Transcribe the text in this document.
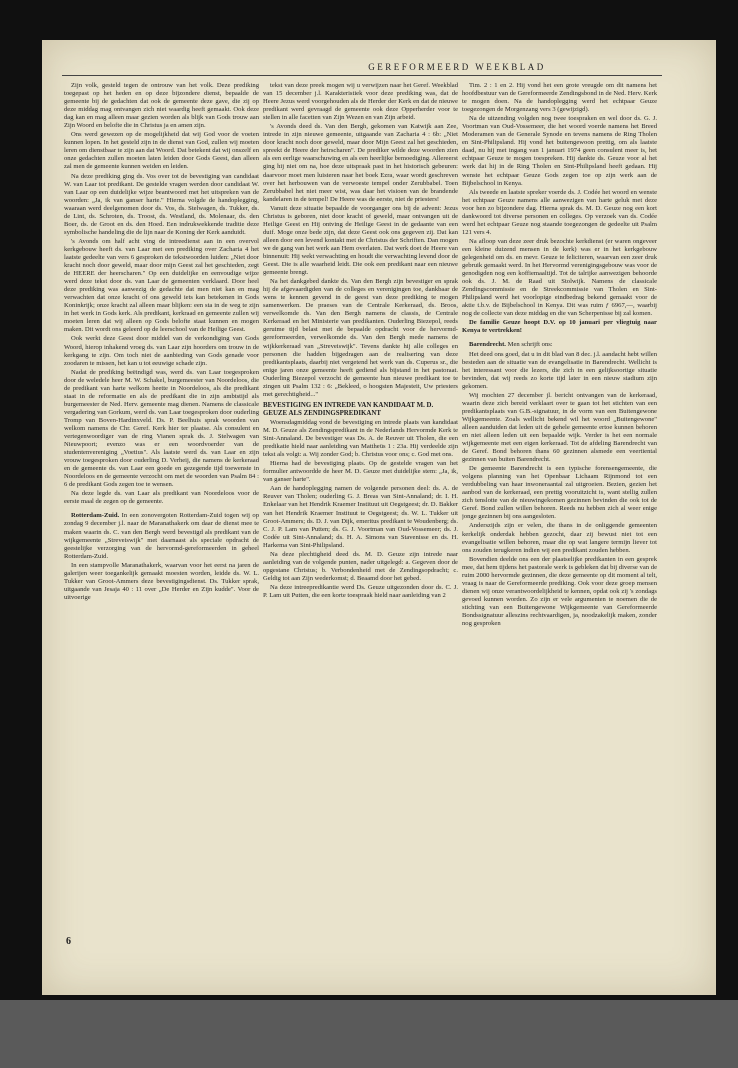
GEREFORMEERD WEEKBLAD

Zijn volk, gesteld tegen de ontrouw van het volk. Deze prediking toegepast op het heden en op deze bijzondere dienst, bepaalde de gemeente bij de gedachten dat ook de gemeente deze gave, die zij op deze middag mag ontvangen zich niet waardig heeft gemaakt. Ook deze dag kan en mag alleen maar gezien worden als blijk van Gods trouw aan Zijn Woord en belofte die in Christus ja en amen zijn.

Ons werd gewezen op de mogelijkheid dat wij God voor de voeten kunnen lopen. In het gesteld zijn in de dienst van God, zullen wij moeten leren om dienstbaar te zijn aan dat Woord. Dat betekent dat wij onszelf en onze gedachten zullen moeten laten leiden door Gods Geest, dan alleen zal men de gemeente kunnen weiden en leiden.

Na deze prediking ging ds. Vos over tot de bevestiging van candidaat W. van Laar tot predikant. De gestelde vragen werden door candidaat W. van Laar op een duidelijke wijze beantwoord met het uitspreken van de woorden: „Ja, ik van ganser harte." Hierna volgde de handoplegging, waaraan werd deelgenomen door ds. Vos, ds. Stelwagen, ds. Tukker, ds. de Lint, ds. Schroten, ds. Troost, ds. Westland, ds. Molenaar, ds. den Boer, ds. de Groot en ds. den Hoed. Een indrukwekkende traditie deze symbolische handeling die de lijn naar de Koning der Kerk aanduidt.

's Avonds om half acht ving de intreedienst aan in een overvol kerkgebouw heeft ds. van Laar met een prediking over Zacharia 4 het laatste gedeelte van vers 6 gesproken de tekstwoorden luiden: „Niet door kracht noch door geweld, maar door mijn Geest zal het geschieden, zegt de HEERE der heerscharen." Op een duidelijke en eenvoudige wijze werd deze tekst door ds. van Laar de gemeenten verklaard. Door heel deze prediking was aanwezig de gedachte dat men niet kan en mag verwachten dat onze kracht of ons geweld iets kan betekenen in Gods Koninkrijk; onze kracht zal alleen maar blijken: een sta in de weg te zijn in het werk in Gods kerk. Als predikant, kerkraad en gemeente zullen wij moeten leren dat wij alleen op Gods belofte staat kunnen en mogen maken. Dit wordt ons geleerd op de leerschool van de Heilige Geest.

Ook werkt deze Geest door middel van de verkondiging van Gods Woord, hierop inhakend vroeg ds. van Laar zijn hoorders om trouw in de kerkgang te zijn. Om toch niet de aanbieding van Gods genade voor zoodaren te missen, het kan u tot eeuwige schade zijn.

Nadat de prediking beëindigd was, werd ds. van Laar toegesproken door de weledele heer M. W. Schakel, burgemeester van Noordeloos, die de predikant van harte welkom heette in Noordeloos, als die predikant staat in de reformatie en als de predikant die in zijn ambtstijd als burgemeester de Ned. Herv. gemeente mag dienen. Namens de classicale vergadering van Gorkum, werd ds. van Laar toegesproken door ouderling Tromp van Boven-Hardinxveld. Ds. P. Beelhuis sprak woorden van welkom namens de Chr. Geref. Kerk hier ter plaatse. Als consulent en vertegenwoordiger van de ring Vianen sprak ds. J. Stelwagen van Nieuwpoort; evenzo was er een woordvoerder van de studentenvereniging „Voetius". Als laatste werd ds. van Laar en zijn vrouw toegesproken door ouderling D. Verheij, die namens de kerkeraad en de gemeente ds. van Laar een goede en gezegende tijd toewenste in Noordeloos en de gemeente verzocht om met de woorden van Psalm 84 : 6 de predikant Gods zegen toe te wensen.

Na deze legde ds. van Laar als predikant van Noordeloos voor de eerste maal de zegen op de gemeente.

Rotterdam-Zuid. In een zonovergoten Rotterdam-Zuid togen wij op zondag 9 december j.l. naar de Maranathakerk om daar de dienst mee te maken waarin ds. C. van den Bergh werd bevestigd als predikant van de wijkgemeente „Streveiswijk" met daarnaast als speciale opdracht de geestelijke verzorging van de hervormd-gereformeerden in geheel Rotterdam-Zuid.

In een stampvolle Maranathakerk, waarvan voor het eerst na jaren de galerijen weer toegankelijk gemaakt moesten worden, leidde ds. W. L. Tukker van Groot-Ammers deze bevestigingsdienst. Ds. Tukker sprak, uitgaande van Jesaja 40 : 11 over „De Herder en Zijn kudde". Voor de uitvoerige

tekst van deze preek mogen wij u verwijzen naar het Geref. Weekblad van 15 december j.l. Karakteristiek voor deze prediking was, dat de Heere Jezus werd voorgehouden als de Herder der Kerk en dat de nieuwe predikant werd gevraagd de gemeente ook deze Opperherder voor te stellen in alle facetten van Zijn Wezen en van Zijn arbeid.

's Avonds deed ds. Van den Bergh, gekomen van Katwijk aan Zee, intrede in zijn nieuwe gemeente, uitgaande van Zacharia 4 : 6b: „Niet door kracht noch door geweld, maar door Mijn Geest zal het geschieden, spreekt de Heere der heirscharen". De prediker wilde deze woorden zien als een eerlige waarschuwing en als een heerlijke bemoediging. Allereerst ging hij niet om na, hoe deze uitspraak past in het historisch gebeuren: daarvoor moet men luisteren naar het boek Ezra, waar wordt geschreven over het herbouwen van de verwoeste tempel onder Zerubbabel. Toen Zerubbabel het niet meer wist, was daar het visioen van de brandende kandelaren in de tempel! De Heere was de eerste, niet de priesters!

Vanuit deze situatie bepaalde de voorganger ons bij de advent: Jezus Christus is geboren, niet door kracht of geweld, maar ontvangen uit de Heilige Geest en Hij ontving de Heilige Geest in de gedaante van een duif. Moge onze bede zijn, dat deze Geest ook ons gegeven zij. Dat kan alleen door een levend kontakt met de Christus der Schriften. Dan mogen we de gang van het werk aan Hem overlaten. Dat werk doet de Heere van binnenuit: Hij wekt verwachting en houdt die verwachting levend door de Geest. Die is alle waarheid leidt. Die ook een predikant naar een nieuwe gemeente brengt.

Na het dankgebed dankte ds. Van den Bergh zijn bevestiger en sprak hij de afgevaardigden van de colleges en verenigingen toe, dankbaar de wens te kennen gevend in de geest van deze prediking te mogen samenwerken. De praeses van de Centrale Kerkeraad, ds. Broos, verwelkomde ds. Van den Bergh namens de classis, de Centrale Kerkeraad en het Ministerie van predikanten. Ouderling Biezepol, reeds geruime tijd belast met de bepaalde opdracht voor de hervormd-gereformeerden, verwelkomde ds. Van den Bergh mede namens de wijkkerkeraad van „Streveiswijk". Tevens dankte hij alle colleges en personen die hadden bijgedragen aan de realisering van deze predikantsplaats, daarbij niet vergetend het werk van ds. Cuperus sr., die enige jaren onze gemeente heeft gediend als bijstand in het pastoraat. Ouderling Biezepol verzocht de gemeente hun nieuwe predikant toe te zingen uit Psalm 132 : 6: „Bekleed, o hoogsten Majesteit, Uw priesters met gerechtigheid..."

BEVESTIGING EN INTREDE VAN KANDIDAAT M. D. GEUZE ALS ZENDINGSPREDIKANT

Woensdagmiddag vond de bevestiging en intrede plaats van kandidaat M. D. Geuze als Zendingspredikant in de Nederlands Hervormde Kerk te Sint-Annaland. De bevestiger was Ds. A. de Reuver uit Tholen, die een predikatie hield naar aanleiding van Mattheüs 1 : 23a. Hij verdeelde zijn tekst als volgt: a. Wij zonder God; b. Christus voor ons; c. God met ons.

Hierna had de bevestiging plaats. Op de gestelde vragen van het formulier antwoordde de heer M. D. Geuze met duidelijke stem: „Ja, ik, van ganser harte".

Aan de handoplegging namen de volgende personen deel: ds. A. de Reuver van Tholen; ouderling G. J. Breas van Sint-Annaland; dr. I. H. Enkelaar van het Hendrik Kraemer Instituut uit Oegstgeest; dr. D. Bakker van het Hendrik Kraemer Instituut te Oegstgeest; ds. W. L. Tukker uit Groot-Ammers; ds. D. J. van Dijk, emeritus predikant te Woudenberg; ds. C. J. P. Lam van Putten; ds. G. J. Voortman van Oud-Vossemeer; ds. J. Codée uit Sint-Annaland; ds. H. A. Simons van Stavenisse en ds. H. Harkema van Sint-Philipsland.

Na deze plechtigheid deed ds. M. D. Geuze zijn intrede naar aanleiding van de volgende punten, nader uitgelegd: a. Gegeven door de opgestane Christus; b. Verbondenheid met de Zendingsopdracht; c. Geldig tot aan Zijn wederkomst; d. Beaamd door het gebed.

Na deze intreepredikantie werd Ds. Geuze uitgezonden door ds. C. J. P. Lam uit Putten, die een korte toespraak hield naar aanleiding van 2

Tim. 2 : 1 en 2. Hij vond het een grote vreugde om dit namens het hoofdbestuur van de Gereformeerde Zendingsbond in de Ned. Herv. Kerk te mogen doen. Na de handoplegging werd het echtpaar Geuze toegezongen de Morgenzang vers 3 (gewijzigd).

Na de uitzending volgden nog twee toespraken en wel door ds. G. J. Voortman van Oud-Vossemeer, die het woord voerde namens het Breed Moderamen van de Generale Synode en tevens namens de Ring Tholen en Sint-Philipsland. Hij vond het buitengewoon prettig, om als laatste daad, nu hij met ingang van 1 januari 1974 geen consulent meer is, het echtpaar Geuze te mogen toespreken. Hij dankte ds. Geuze voor al het werk dat hij in de Ring Tholen en Sint-Philipsland heeft gedaan. Hij wenste het echtpaar Geuze Gods zegen toe op zijn werk aan de Bijbelschool in Kenya.

Als tweede en laatste spreker voerde ds. J. Codée het woord en wenste het echtpaar Geuze namens alle aanwezigen van harte geluk met deze voor hen zo bijzondere dag. Hierna sprak ds. M. D. Geuze nog een kort dankwoord tot diverse personen en colleges. Op verzoek van ds. Codée werd het echtpaar Geuze nog staande toegezongen de gedeelte uit Psalm 121 vers 4.

Na afloop van deze zeer druk bezochte kerkdienst (er waren ongeveer een kleine duizend mensen in de kerk) was er in het kerkgebouw gelegenheid om ds. en mevr. Geuze te feliciteren, waarvan een zeer druk gebruik gemaakt werd. In het Hervormd verenigingsgebouw was voor de genodigden nog een koffiemaaltijd. Tot de talrijke aanwezigen behoorde ook ds. J. M. de Raad uit Stolwijk. Namens de classicale Zendingscommissie en de Streekcommissie van Tholen en Sint-Philipsland werd het voorlopige eindbedrag bekend gemaakt voor de aktie t.b.v. de Bijbelschool in Kenya. Dit was ruim ƒ 6967,—, waarbij nog de collecte van deze middag en die van Scherpenisse bij zal komen.

De familie Geuze hoopt D.V. op 10 januari per vliegtuig naar Kenya te vertrekken!

Barendrecht. Men schrijft ons:

Het deed ons goed, dat u in dit blad van 8 dec. j.l. aandacht hebt willen besteden aan de situatie van de evangelisatie in Barendrecht. Wellicht is het interessant voor die lezers, die zich in een gelijksoortige situatie bevinden, dat wij reeds zo korte tijd later in een nieuw stadium zijn gekomen.

Wij mochten 27 december jl. bericht ontvangen van de kerkeraad, waarin deze zich bereid verklaart over te gaan tot het stichten van een predikantsplaats van G.B.-signatuur, in de vorm van een Buitengewone Wijkgemeente. Zoals wellicht bekend wil het woord „Buitengewone" alleen aanduiden dat leden uit de gehele gemeente ertoe kunnen behoren en niet alleen leden uit een bepaalde wijk. Verder is het een normale wijkgemeente met een eigen kerkeraad. Tot de afdeling Barendrecht van de Geref. Bond behoren thans 60 gezinnen alsmede een veertiental gezinnen van buiten Barendrecht.

De gemeente Barendrecht is een typische forensengemeente, die volgens planning van het Openbaar Lichaam Rijnmond tot een verdubbeling van haar inwoneraantal zal uitgroeien. Bezien, gezien het aanbod van de kerkeraad, een prettig vooruitzicht is, want stellig zullen zich tenslotte van de nieuwingekomen gezinnen bevinden die ook tot de Geref. Bond zullen willen behoren. Reeds nu hebben zich al weer enige jonge gezinnen bij ons aangesloten.

Anderszijds zijn er velen, die thans in de onliggende gemeenten kerkelijk onderdak hebben gezocht, daar zij bewust niet tot een evangelisatie willen behoren, maar die op wat langere termijn liever tot ons zouden terugkeren indien wij een predikant zouden hebben.

Bovendien deelde ons een der plaatselijke predikanten in een gesprek mee, dat hem tijdens het pastorale werk is gebleken dat bij diverse van de ruim 2000 hervormde gezinnen, die deze gemeente op dit moment al telt, vraag is naar de Gereformeerde prediking. Ook voor deze groep mensen dienen wij onze verantwoordelijkheid te kennen, opdat ook zij 's zondags gevoed kunnen worden. Zo zijn er vele argumenten te noemen die de stichting van een Buitengewone Wijkgemeente van Gereformeerde Bondssignatuur alleszins rechtvaardigen, ja, noodzakelijk maken, zonder nog gesproken

6
